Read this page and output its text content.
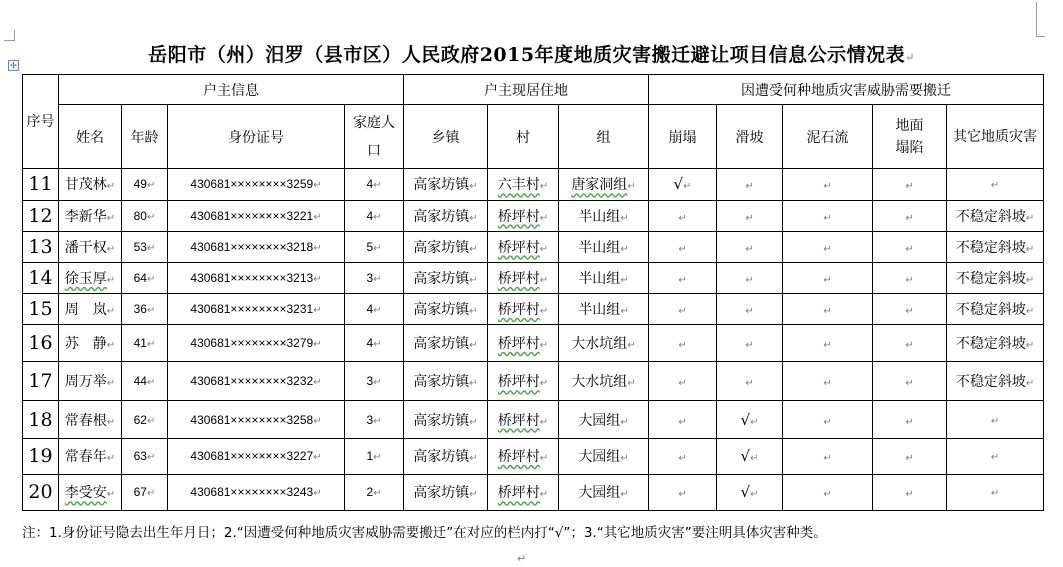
✢	岳阳市（州）汨罗（县市区）人民政府2015年度地质灾害搬迁避让项目信息公示情况表↵
序号	户主信息				户主现居住地			因遭受何种地质灾害威胁需要搬迁				
	姓名	年龄	身份证号	家庭人口	乡镇	村	组	崩塌	滑坡	泥石流	地面塌陷	其它地质灾害
11	甘茂林↵	49↵	430681××××××××3259↵	4↵	高家坊镇↵	六丰村↵	唐家洞组↵	√↵	↵	↵	↵	↵
12	李新华↵	80↵	430681××××××××3221↵	4↵	高家坊镇↵	桥坪村↵	半山组↵	↵	↵	↵	↵	不稳定斜坡↵
13	潘干权↵	53↵	430681××××××××3218↵	5↵	高家坊镇↵	桥坪村↵	半山组↵	↵	↵	↵	↵	不稳定斜坡↵
14	徐玉厚↵	64↵	430681××××××××3213↵	3↵	高家坊镇↵	桥坪村↵	半山组↵	↵	↵	↵	↵	不稳定斜坡↵
15	周　岚↵	36↵	430681××××××××3231↵	4↵	高家坊镇↵	桥坪村↵	半山组↵	↵	↵	↵	↵	不稳定斜坡↵
16	苏　静↵	41↵	430681××××××××3279↵	4↵	高家坊镇↵	桥坪村↵	大水坑组↵	↵	↵	↵	↵	不稳定斜坡↵
17	周万举↵	44↵	430681××××××××3232↵	3↵	高家坊镇↵	桥坪村↵	大水坑组↵	↵	↵	↵	↵	不稳定斜坡↵
18	常春根↵	62↵	430681××××××××3258↵	3↵	高家坊镇↵	桥坪村↵	大园组↵	↵	√↵	↵	↵	↵
19	常春年↵	63↵	430681××××××××3227↵	1↵	高家坊镇↵	桥坪村↵	大园组↵	↵	√↵	↵	↵	↵
20	李受安↵	67↵	430681××××××××3243↵	2↵	高家坊镇↵	桥坪村↵	大园组↵	↵	√↵	↵	↵	↵
注：1.身份证号隐去出生年月日；2.“因遭受何种地质灾害威胁需要搬迁”在对应的栏内打“√”；3.“其它地质灾害”要注明具体灾害种类。
↵
